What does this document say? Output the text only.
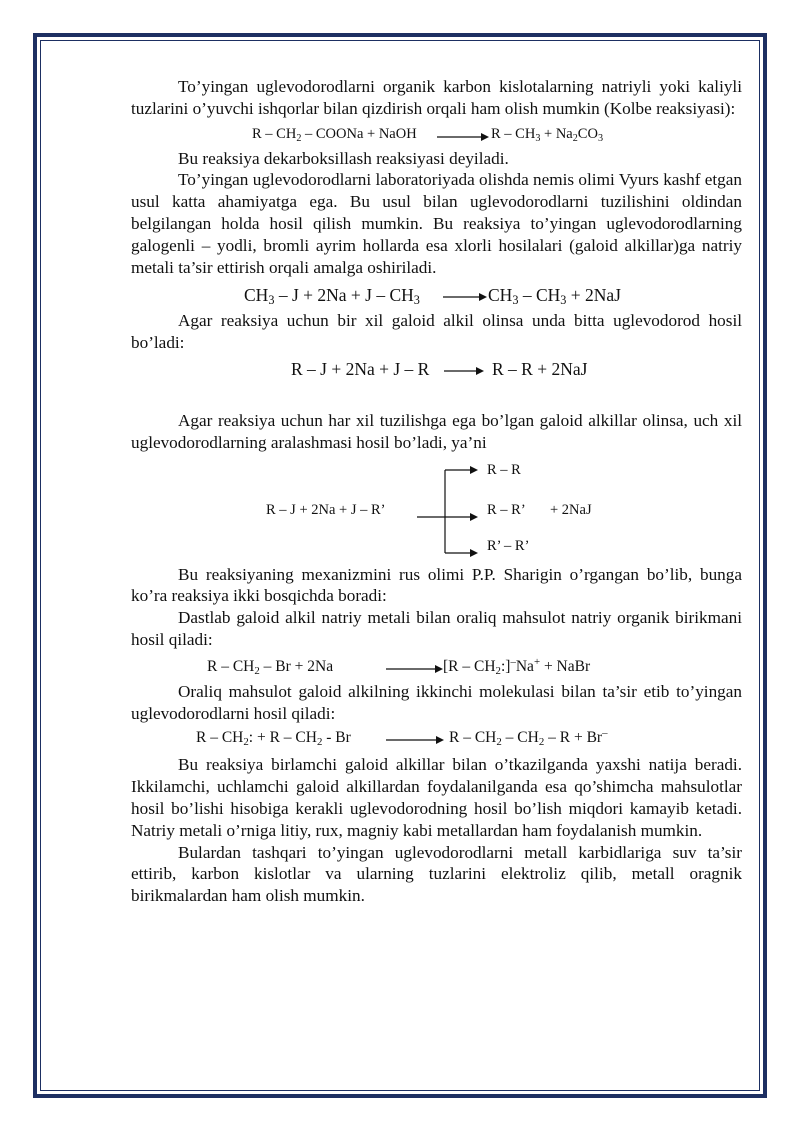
To’yingan uglevodorodlarni organik karbon kislotalarning natriyli yoki kaliyli tuzlarini o’yuvchi ishqorlar bilan qizdirish orqali ham olish mumkin (Kolbe reaksiyasi):

R – $CH_2$ – COONa + NaOH → $R - CH_3 + Na_2CO_3$

Bu reaksiya dekarboksillash reaksiyasi deyiladi.

To’yingan uglevodorodlarni laboratoriyada olishda nemis olimi Vyurs kashf etgan usul katta ahamiyatga ega. Bu usul bilan uglevodorodlarni tuzilishini oldindan belgilangan holda hosil qilish mumkin. Bu reaksiya to’yingan uglevodorodlarning galogenli – yodli, bromli ayrim hollarda esa xlorli hosilalari (galoid alkillar)ga natriy metali ta’sir ettirish orqali amalga oshiriladi.

$CH_3 - J + 2Na + J - CH_3 \to CH_3 - CH_3 + 2NaJ$

Agar reaksiya uchun bir xil galoid alkil olinsa unda bitta uglevodorod hosil bo’ladi:

R – J + 2Na + J – R → R – R + 2NaJ

Agar reaksiya uchun har xil tuzilishga ega bo’lgan galoid alkillar olinsa, uch xil uglevodorodlarning aralashmasi hosil bo’ladi, ya’ni

R – J + 2Na + J – R’
R – R
R – R’ + 2NaJ
R’ – R’

Bu reaksiyaning mexanizmini rus olimi P.P. Sharigin o’rgangan bo’lib, bunga ko’ra reaksiya ikki bosqichda boradi:

Dastlab galoid alkil natriy metali bilan oraliq mahsulot natriy organik birikmani hosil qiladi:

$R - CH_2 - Br + 2Na$	→ $[R - CH_2:]^-Na^+$ + NaBr

Oraliq mahsulot galoid alkilning ikkinchi molekulasi bilan ta’sir etib to’yingan uglevodorodlarni hosil qiladi:

R – $CH_2$: + $R - CH_2 - Br \to R - CH_2 - CH_2 - R + Br^-$

Bu reaksiya birlamchi galoid alkillar bilan o’tkazilganda yaxshi natija beradi. Ikkilamchi, uchlamchi galoid alkillardan foydalanilganda esa qo’shimcha mahsulotlar hosil bo’lishi hisobiga kerakli uglevodorodning hosil bo’lish miqdori kamayib ketadi. Natriy metali o’rniga litiy, rux, magniy kabi metallardan ham foydalanish mumkin.

Bulardan tashqari to’yingan uglevodorodlarni metall karbidlariga suv ta’sir ettirib, karbon kislotlar va ularning tuzlarini elektroliz qilib, metall oragnik birikmalardan ham olish mumkin.
